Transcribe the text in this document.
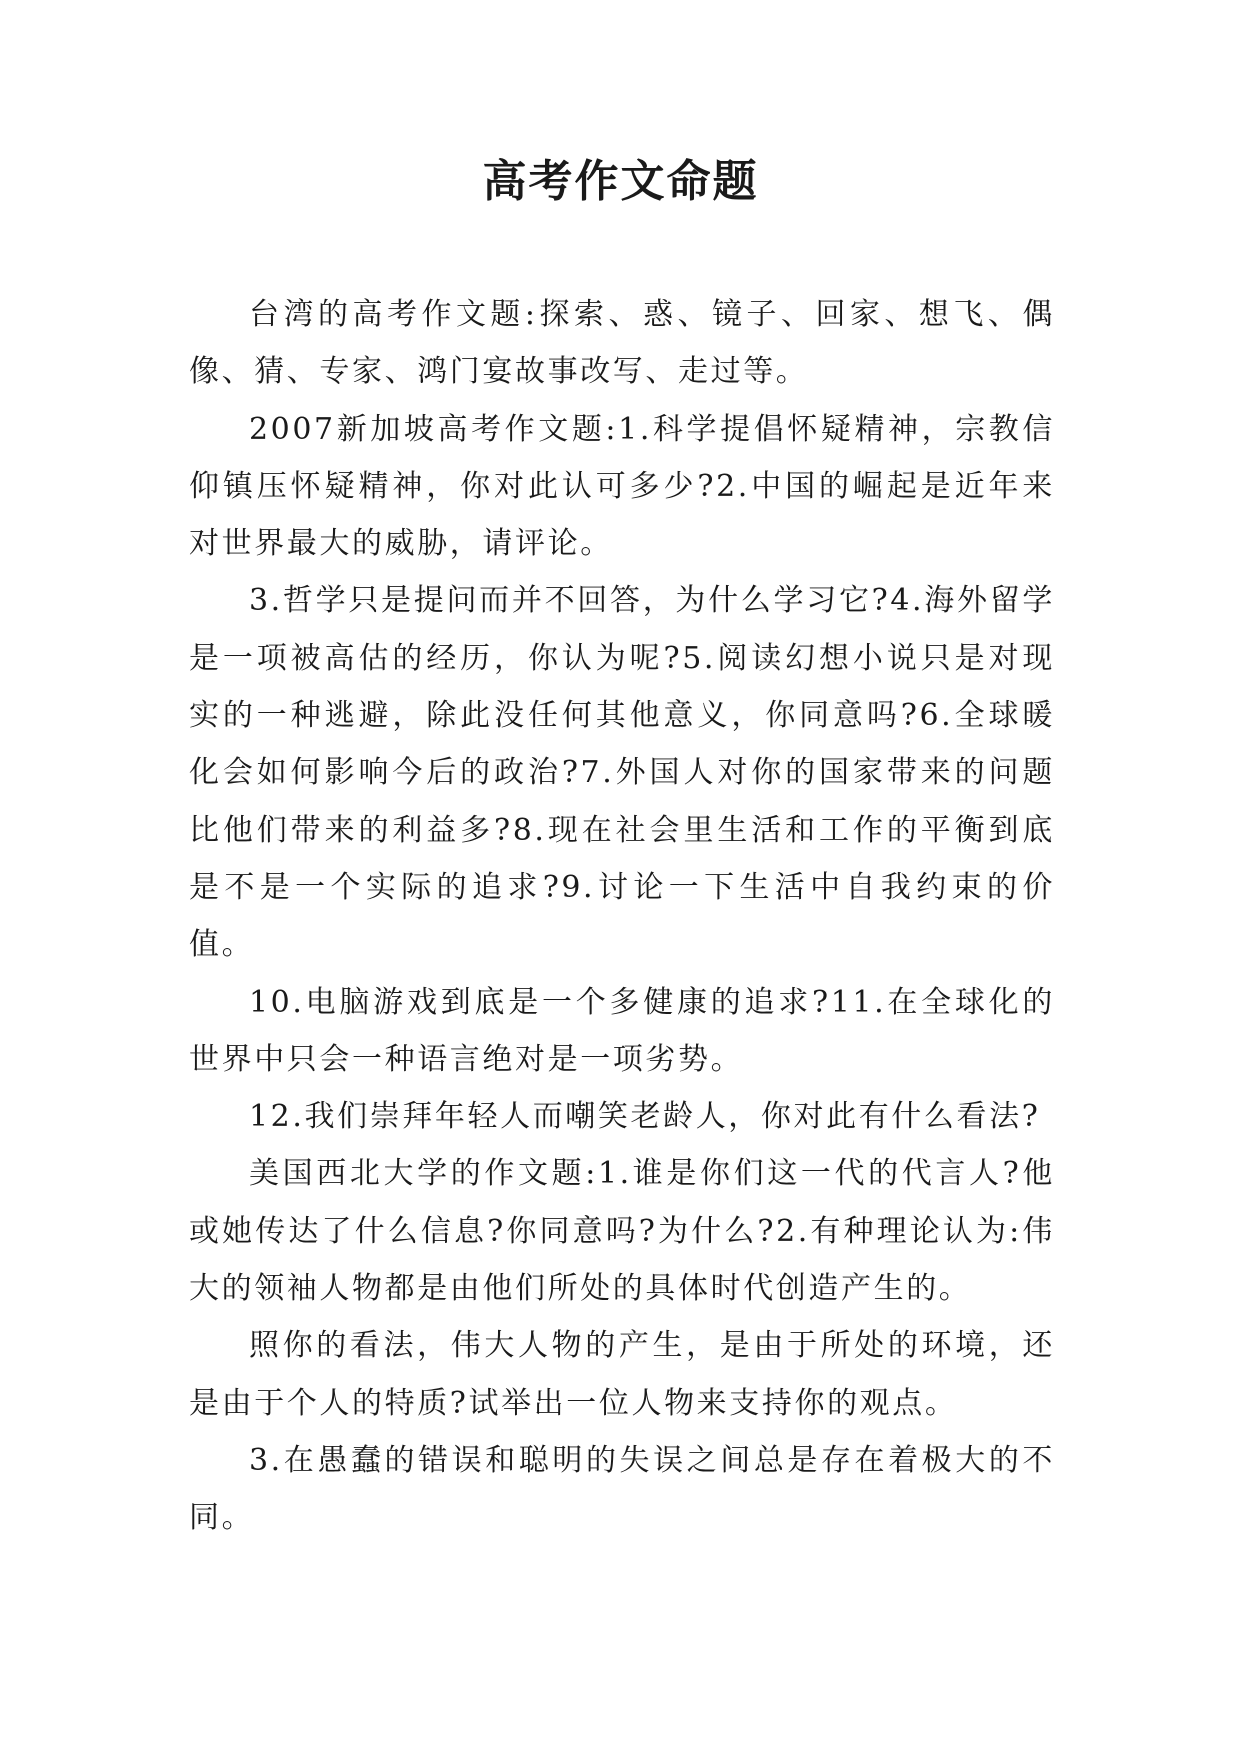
高考作文命题

台湾的高考作文题:探索、惑、镜子、回家、想飞、偶像、猜、专家、鸿门宴故事改写、走过等。

2007新加坡高考作文题:1.科学提倡怀疑精神，宗教信仰镇压怀疑精神，你对此认可多少?2.中国的崛起是近年来对世界最大的威胁，请评论。

3.哲学只是提问而并不回答，为什么学习它?4.海外留学是一项被高估的经历，你认为呢?5.阅读幻想小说只是对现实的一种逃避，除此没任何其他意义，你同意吗?6.全球暖化会如何影响今后的政治?7.外国人对你的国家带来的问题比他们带来的利益多?8.现在社会里生活和工作的平衡到底是不是一个实际的追求?9.讨论一下生活中自我约束的价值。

10.电脑游戏到底是一个多健康的追求?11.在全球化的世界中只会一种语言绝对是一项劣势。

12.我们崇拜年轻人而嘲笑老龄人，你对此有什么看法?

美国西北大学的作文题:1.谁是你们这一代的代言人?他或她传达了什么信息?你同意吗?为什么?2.有种理论认为:伟大的领袖人物都是由他们所处的具体时代创造产生的。

照你的看法，伟大人物的产生，是由于所处的环境，还是由于个人的特质?试举出一位人物来支持你的观点。

3.在愚蠢的错误和聪明的失误之间总是存在着极大的不同。
